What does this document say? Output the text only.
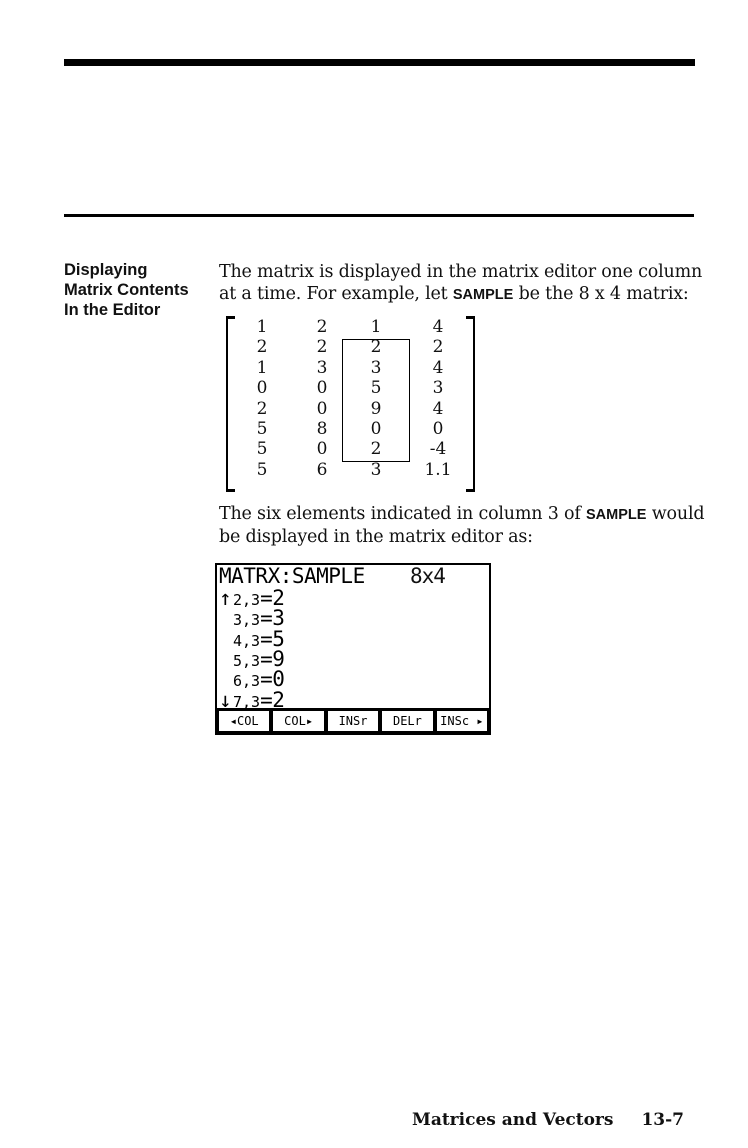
Displaying
Matrix Contents
In the Editor
The matrix is displayed in the matrix editor one column
at a time. For example, let SAMPLE be the 8 x 4 matrix:
1	2	1	4
2	2	2	2
1	3	3	4
0	0	5	3
2	0	9	4
5	8	0	0
5	0	2	-4
5	6	3	1.1
The six elements indicated in column 3 of SAMPLE would
be displayed in the matrix editor as:
MATRX:SAMPLE 8x4
◂COL	COL▸	INSr	DELr	INSc ▸
↑ 2,3=2
3,3=3
4,3=5
5,3=9
6,3=0
↓ 7,3=2
Matrices and Vectors 13-7
